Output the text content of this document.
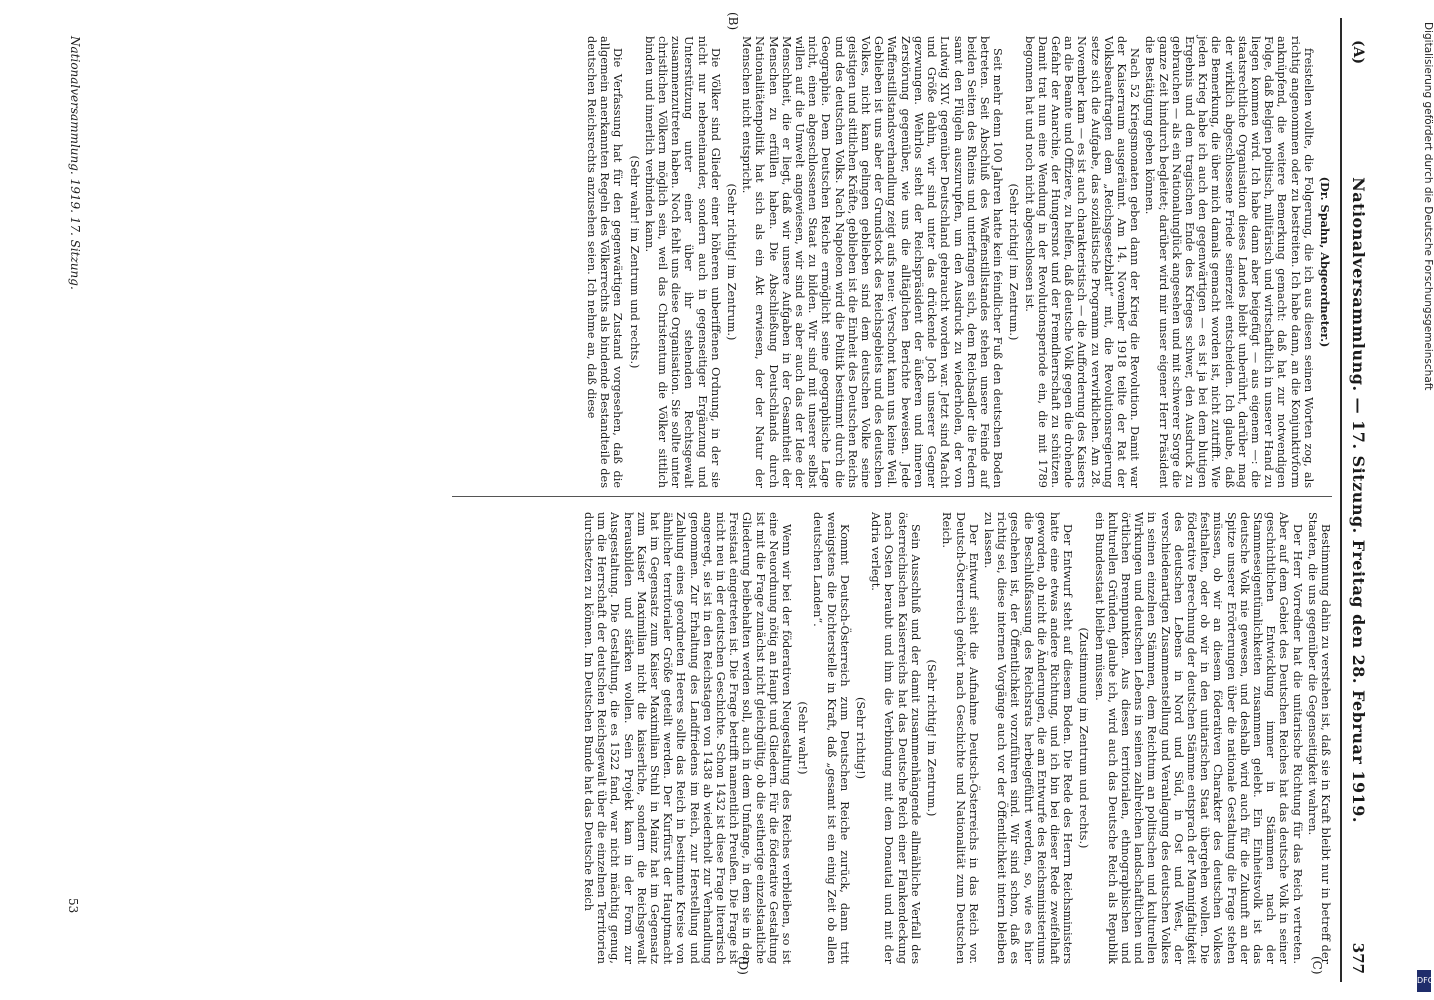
(A)
Nationalversammlung. — 17. Sitzung. Freitag den 28. Februar 1919.
377
(C)
(D)
(B)

(Dr. Spahn, Abgeordneter.)

freistellen wollte, die Folgerung, die ich aus diesen seinen Worten zog, als richtig angenommen oder zu bestreiten. Ich habe dann, an die Konjunktivform anknüpfend, die weitere Bemerkung gemacht: daß hat zur notwendigen Folge, daß Belgien politisch, militärisch und wirtschaftlich in unserer Hand zu liegen kommen wird. Ich habe dann aber beigefügt — aus eigenem —: die staatsrechtliche Organisation dieses Landes bleibt unberührt, darüber mag der wirklich abgeschlossene Friede seinerzeit entscheiden. Ich glaube, daß die Bemerkung, die über mich damals gemacht worden ist, nicht zutrifft. Wie jeden Krieg habe ich auch den gegenwärtigen — es ist ja bei dem blutigen Ergebnis und dem tragischen Ende des Krieges schwer, den Ausdruck zu gebrauchen — als ein Nationalunglück angesehen und mit schwerer Sorge die ganze Zeit hindurch begleitet; darüber wird mir unser eigener Herr Präsident die Bestätigung geben können.

Nach 52 Kriegsmonaten geben dann der Krieg die Revolution. Damit war der Kaiserraum ausgeräumt. Am 14. November 1918 teilte der Rat der Volksbeauftragten dem „Reichsgesetzblatt“ mit, die Revolutionsregierung setze sich die Aufgabe, das sozialistische Programm zu verwirklichen. Am 28. November kam — es ist auch charakteristisch — die Aufforderung des Kaisers an die Beamte und Offiziere, zu helfen, daß deutsche Volk gegen die drohende Gefahr der Anarchie, der Hungersnot und der Fremdherrschaft zu schützen. Damit trat nun eine Wendung in der Revolutionsperiode ein, die mit 1789 begonnen hat und noch nicht abgeschlossen ist.

(Sehr richtig! im Zentrum.)

Seit mehr denn 100 Jahren hatte kein feindlicher Fuß den deutschen Boden betreten. Seit Abschluß des Waffenstillstandes stehen unsere Feinde auf beiden Seiten des Rheins und unterfangen sich, dem Reichsadler die Federn samt den Flügeln auszurupfen, um den Ausdruck zu wiederholen, der von Ludwig XIV. gegenüber Deutschland gebraucht worden war. Jetzt sind Macht und Größe dahin, wir sind unter das drückende Joch unserer Gegner gezwungen. Wehrlos steht der Reichspräsident der äußeren und inneren Zerstörung gegenüber, wie uns die alltäglichen Berichte beweisen. Jede Waffenstillstandsverhandlung zeigt aufs neue: Verschont kann uns keine Weil. Geblieben ist uns aber der Grundstock des Reichsgebiets und des deutschen Volkes, nicht kann gelingen geblieben sind dem deutschen Volke seine geistigen und sittlichen Kräfte, geblieben ist die Einheit des Deutschen Reichs und des deutschen Volks. Nach Napoleon wird die Politik bestimmt durch die Geographie. Dem Deutschen Reiche ermöglicht seine geographische Lage nicht, einen abgeschlossenen Staat zu bilden. Wir sind mit unserer selbst willen auf die Umwelt angewiesen, wir sind es aber auch das der Idee der Menschheit, die er liegt, daß wir unsere Aufgaben in der Gesamtheit der Menschen zu erfüllen haben. Die Abschließung Deutschlands durch Nationalitätenpolitik hat sich als ein Akt erwiesen, der der Natur der Menschen nicht entspricht.

(Sehr richtig! im Zentrum.)

Die Völker sind Glieder einer höheren unberiffenen Ordnung, in der sie nicht nur nebeneinander, sondern auch in gegenseitiger Ergänzung und Unterstützung unter einer über ihr stehenden Rechtsgewalt zusammenzutreten haben. Noch fehlt uns diese Organisation. Sie sollte unter christlichen Völkern möglich sein, weil das Christentum die Völker sittlich binden und innerlich verbinden kann.

(Sehr wahr! im Zentrum und rechts.)

Die Verfassung hat für den gegenwärtigen Zustand vorgesehen, daß die allgemein anerkannten Regeln des Völkerrechts als bindende Bestandteile des deutschen Reichsrechts anzusehen seien. Ich nehme an, daß diese

Bestimmung dahin zu verstehen ist, daß sie in Kraft bleibt nur in betreff der Staaten, die uns gegenüber die Gegenseitigkeit wahren.

Der Herr Vorredner hat die unitarische Richtung für das Reich vertreten. Aber auf dem Gebiet des Deutschen Reiches hat das deutsche Volk in seiner geschichtlichen Entwicklung immer in Stämmen nach der Stammeseigentümlichkeiten zusammen gelebt. Ein Einheitsvolk ist das deutsche Volk nie gewesen, und deshalb wird auch für die Zukunft an der Spitze unserer Erörterungen über die nationale Gestaltung die Frage stehen müssen, ob wir an diesem föderativen Charakter des deutschen Volkes festhalten, oder ob wir in den unitarischen Staat übergehen wollen. Die föderative Berechnung der deutschen Stämme entsprach der Mannigfaltigkeit des deutschen Lebens in Nord und Süd, in Ost und West, der verschiedenartigen Zusammenstellung und Veranlagung des deutschen Volkes in seinen einzelnen Stämmen, dem Reichtum an politischen und kulturellen Wirkungen und deutschen Lebens in seinen zahlreichen landschaftlichen und örtlichen Brennpunkten. Aus diesen territorialen, ethnographischen und kulturellen Gründen, glaube ich, wird auch das Deutsche Reich als Republik ein Bundesstaat bleiben müssen.

(Zustimmung im Zentrum und rechts.)

Der Entwurf steht auf diesem Boden. Die Rede des Herrn Reichsministers hatte eine etwas andere Richtung, und ich bin bei dieser Rede zweifelhaft geworden, ob nicht die Änderungen, die am Entwurfe des Reichsministeriums die Beschlußfassung des Reichsrats herbeigeführt werden, so, wie es hier geschehen ist, der Öffentlichkeit vorzuführen sind. Wir sind schon, daß es richtig sei, diese internen Vorgänge auch vor der Öffentlichkeit intern bleiben zu lassen.

Der Entwurf sieht die Aufnahme Deutsch-Österreichs in das Reich vor. Deutsch-Österreich gehört nach Geschichte und Nationalität zum Deutschen Reich.

(Sehr richtig! im Zentrum.)

Sein Ausschluß und der damit zusammenhängende allmähliche Verfall des österreichischen Kaiserreichs hat das Deutsche Reich einer Flankendeckung nach Osten beraubt und ihm die Verbindung mit dem Donautal und mit der Adria verlegt.

(Sehr richtig!)

Kommt Deutsch-Österreich zum Deutschen Reiche zurück, dann tritt wenigstens die Dichterstelle in Kraft, daß „gesamt ist ein einig Zeit ob allen deutschen Landen“.

(Sehr wahr!)

Wenn wir bei der föderativen Neugestaltung des Reiches verbleiben, so ist eine Neuordnung nötig an Haupt und Gliedern. Für die föderative Gestaltung ist mit die Frage zunächst nicht gleichgültig, ob die seitherige einzelstaatliche Gliederung beibehalten werden soll, auch in dem Umfange, in dem sie in den Freistaat eingetreten ist. Die Frage betrifft namentlich Preußen. Die Frage ist nicht neu in der deutschen Geschichte. Schon 1432 ist diese Frage literarisch angeregt, sie ist in den Reichstagen von 1438 ab wiederholt zur Verhandlung genommen. Zur Erhaltung des Landfriedens im Reich, zur Herstellung und Zahlung eines geordneten Heeres sollte das Reich in bestimmte Kreise von ähnlicher territorialer Größe geteilt werden. Der Kurfürst der Hauptmacht hat im Gegensatz zum Kaiser Maximilian Stuhl in Mainz hat im Gegensatz zum Kaiser Maximilian nicht die kaiserliche, sondern die Reichsgewalt herausbilden und stärken wollen. Sein Projekt kam in der Form zur Ausgestaltung. Die Gestaltung, die es 1522 fand, war nicht mächtig genug, um die Herrschaft der deutschen Reichsgewalt über die einzelnen Territorien durchsetzen zu können. Im Deutschen Bunde hat das Deutsche Reich

Nationalversammlung. 1919. 17. Sitzung.
53
Digitalisierung gefördert durch die Deutsche Forschungsgemeinschaft
DFG
